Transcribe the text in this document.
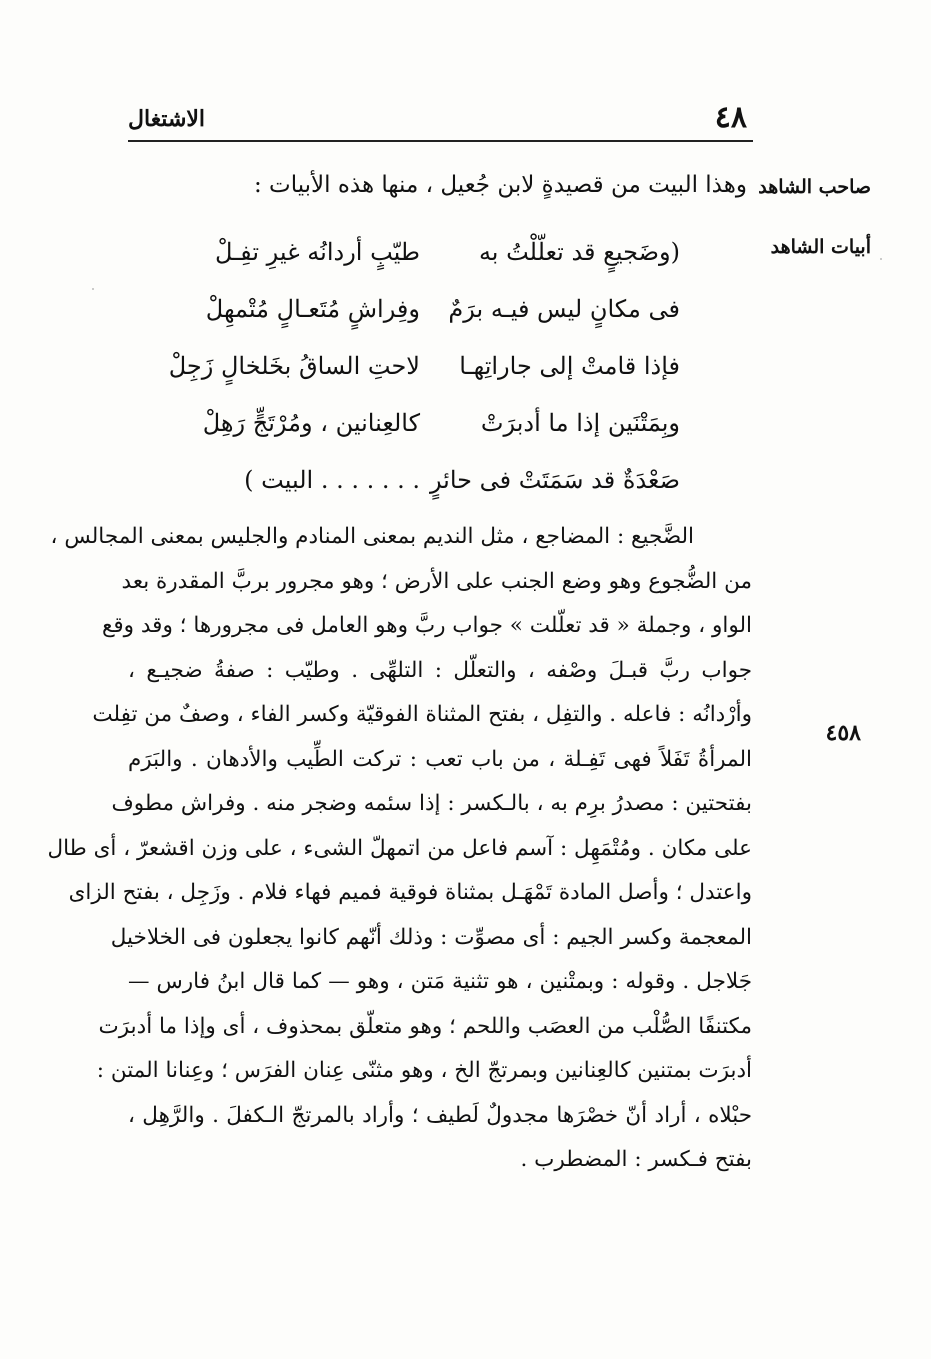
٤٨
الاشتغال
صاحب الشاهد
أبيات الشاهد
وهذا البيت من قصيدةٍ لابن جُعيل ، منها هذه الأبيات :
(وضَجيعٍ قد تعلّلْتُ به
طيّبٍ أردانُه غيرِ تفِـلْ
فى مكانٍ ليس فيـه برَمٌ
وفِراشٍ مُتَعـالٍ مُتْمهِلْ
فإذا قامتْ إلى جاراتِهـا
لاحتِ الساقُ بخَلخالٍ زَجِلْ
وبِمَتْنَين إذا ما أدبرَتْ
كالعِنانين ، ومُرْتَجٍّ رَهِلْ
صَعْدَةٌ قد سَمَتَتْ فى حائرٍ
. . . . . . . البيت )
٤٥٨
الضَّجيع : المضاجع ، مثل النديم بمعنى المنادم والجليس بمعنى المجالس ،
من الضُّجوع وهو وضع الجنب على الأرض ؛ وهو مجرور بربَّ المقدرة بعد
الواو ، وجملة « قد تعلّلت » جواب ربَّ وهو العامل فى مجرورها ؛ وقد وقع
جواب ربَّ قبـلَ وصْفه ، والتعلّل : التلهِّى . وطيّب : صفةُ ضجيـع ،
وأرْدانُه : فاعله . والتفِل ، بفتح المثناة الفوقيّة وكسر الفاء ، وصفٌ من تفِلت
المرأةُ تَفَلاً فهى تَفِـلة ، من باب تعب : تركت الطِّيب والأدهان . والبَرَم
بفتحتين : مصدرُ برِم به ، بالـكسر : إذا سئمه وضجر منه . وفراش مطوف
على مكان . ومُتْمَهِل : آسم فاعل من اتمهلّ الشىء ، على وزن اقشعرّ ، أى طال
واعتدل ؛ وأصل المادة تَمْهَـل بمثناة فوقية فميم فهاء فلام . وزَجِل ، بفتح الزاى
المعجمة وكسر الجيم : أى مصوِّت : وذلك أنّهم كانوا يجعلون فى الخلاخيل
جَلاجل . وقوله : وبمتْنين ، هو تثنية مَتن ، وهو — كما قال ابنُ فارس —
مكتنفًا الصُّلْب من العصَب واللحم ؛ وهو متعلّق بمحذوف ، أى وإذا ما أدبرَت
أدبرَت بمتنين كالعِنانين وبمرتجّ الخ ، وهو مثنّى عِنان الفرَس ؛ وعِنانا المتن :
حبْلاه ، أراد أنّ خصْرَها مجدولٌ لَطيف ؛ وأراد بالمرتجّ الـكفلَ . والرَّهِل ،
بفتح فـكسر : المضطرب .
